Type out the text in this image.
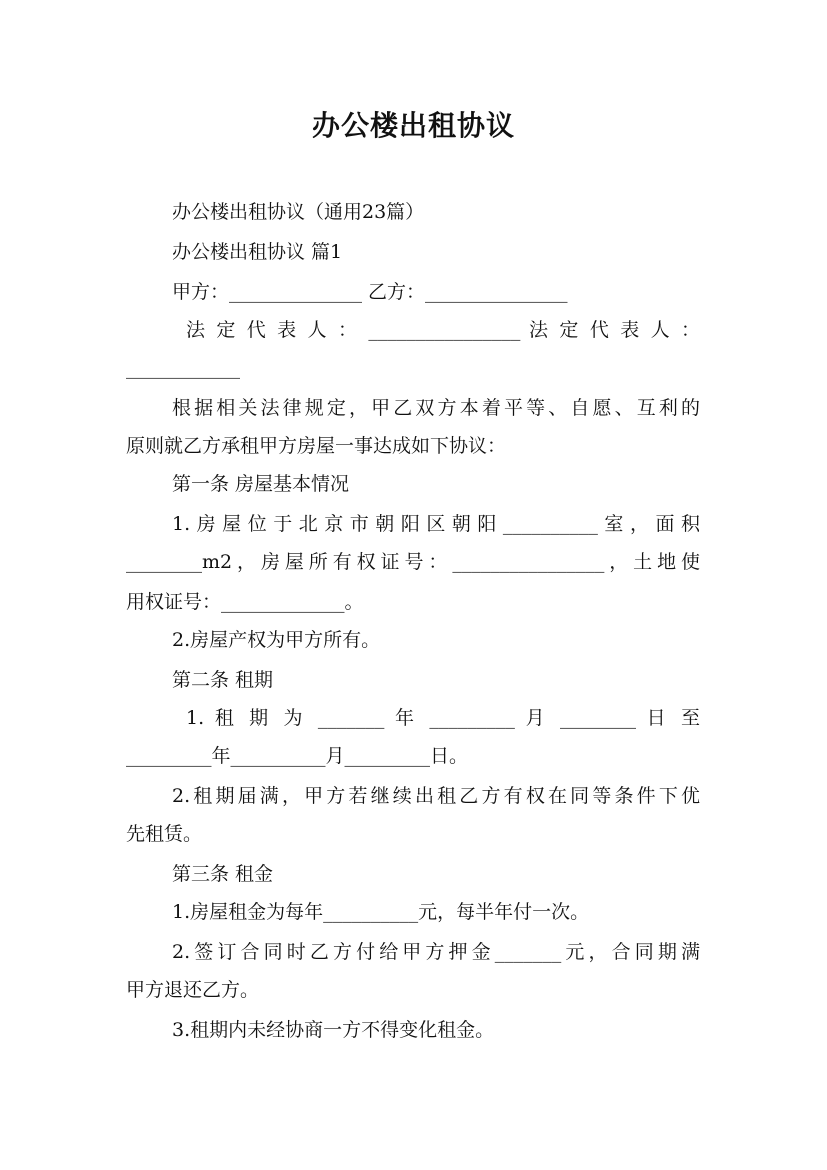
办公楼出租协议
办公楼出租协议（通用23篇）
办公楼出租协议 篇1
甲方：______________ 乙方：_______________
法 定 代 表 人 ： ________________ 法 定 代 表 人 ：
____________
根据相关法律规定，甲乙双方本着平等、自愿、互利的
原则就乙方承租甲方房屋一事达成如下协议：
第一条 房屋基本情况
1.房屋位于北京市朝阳区朝阳__________室，面积
________m2，房屋所有权证号：________________，土地使
用权证号：_____________。
2.房屋产权为甲方所有。
第二条 租期
1. 租 期 为 _______ 年 _________ 月 ________ 日 至
_________年__________月_________日。
2.租期届满，甲方若继续出租乙方有权在同等条件下优
先租赁。
第三条 租金
1.房屋租金为每年__________元，每半年付一次。
2.签订合同时乙方付给甲方押金_______元，合同期满
甲方退还乙方。
3.租期内未经协商一方不得变化租金。
